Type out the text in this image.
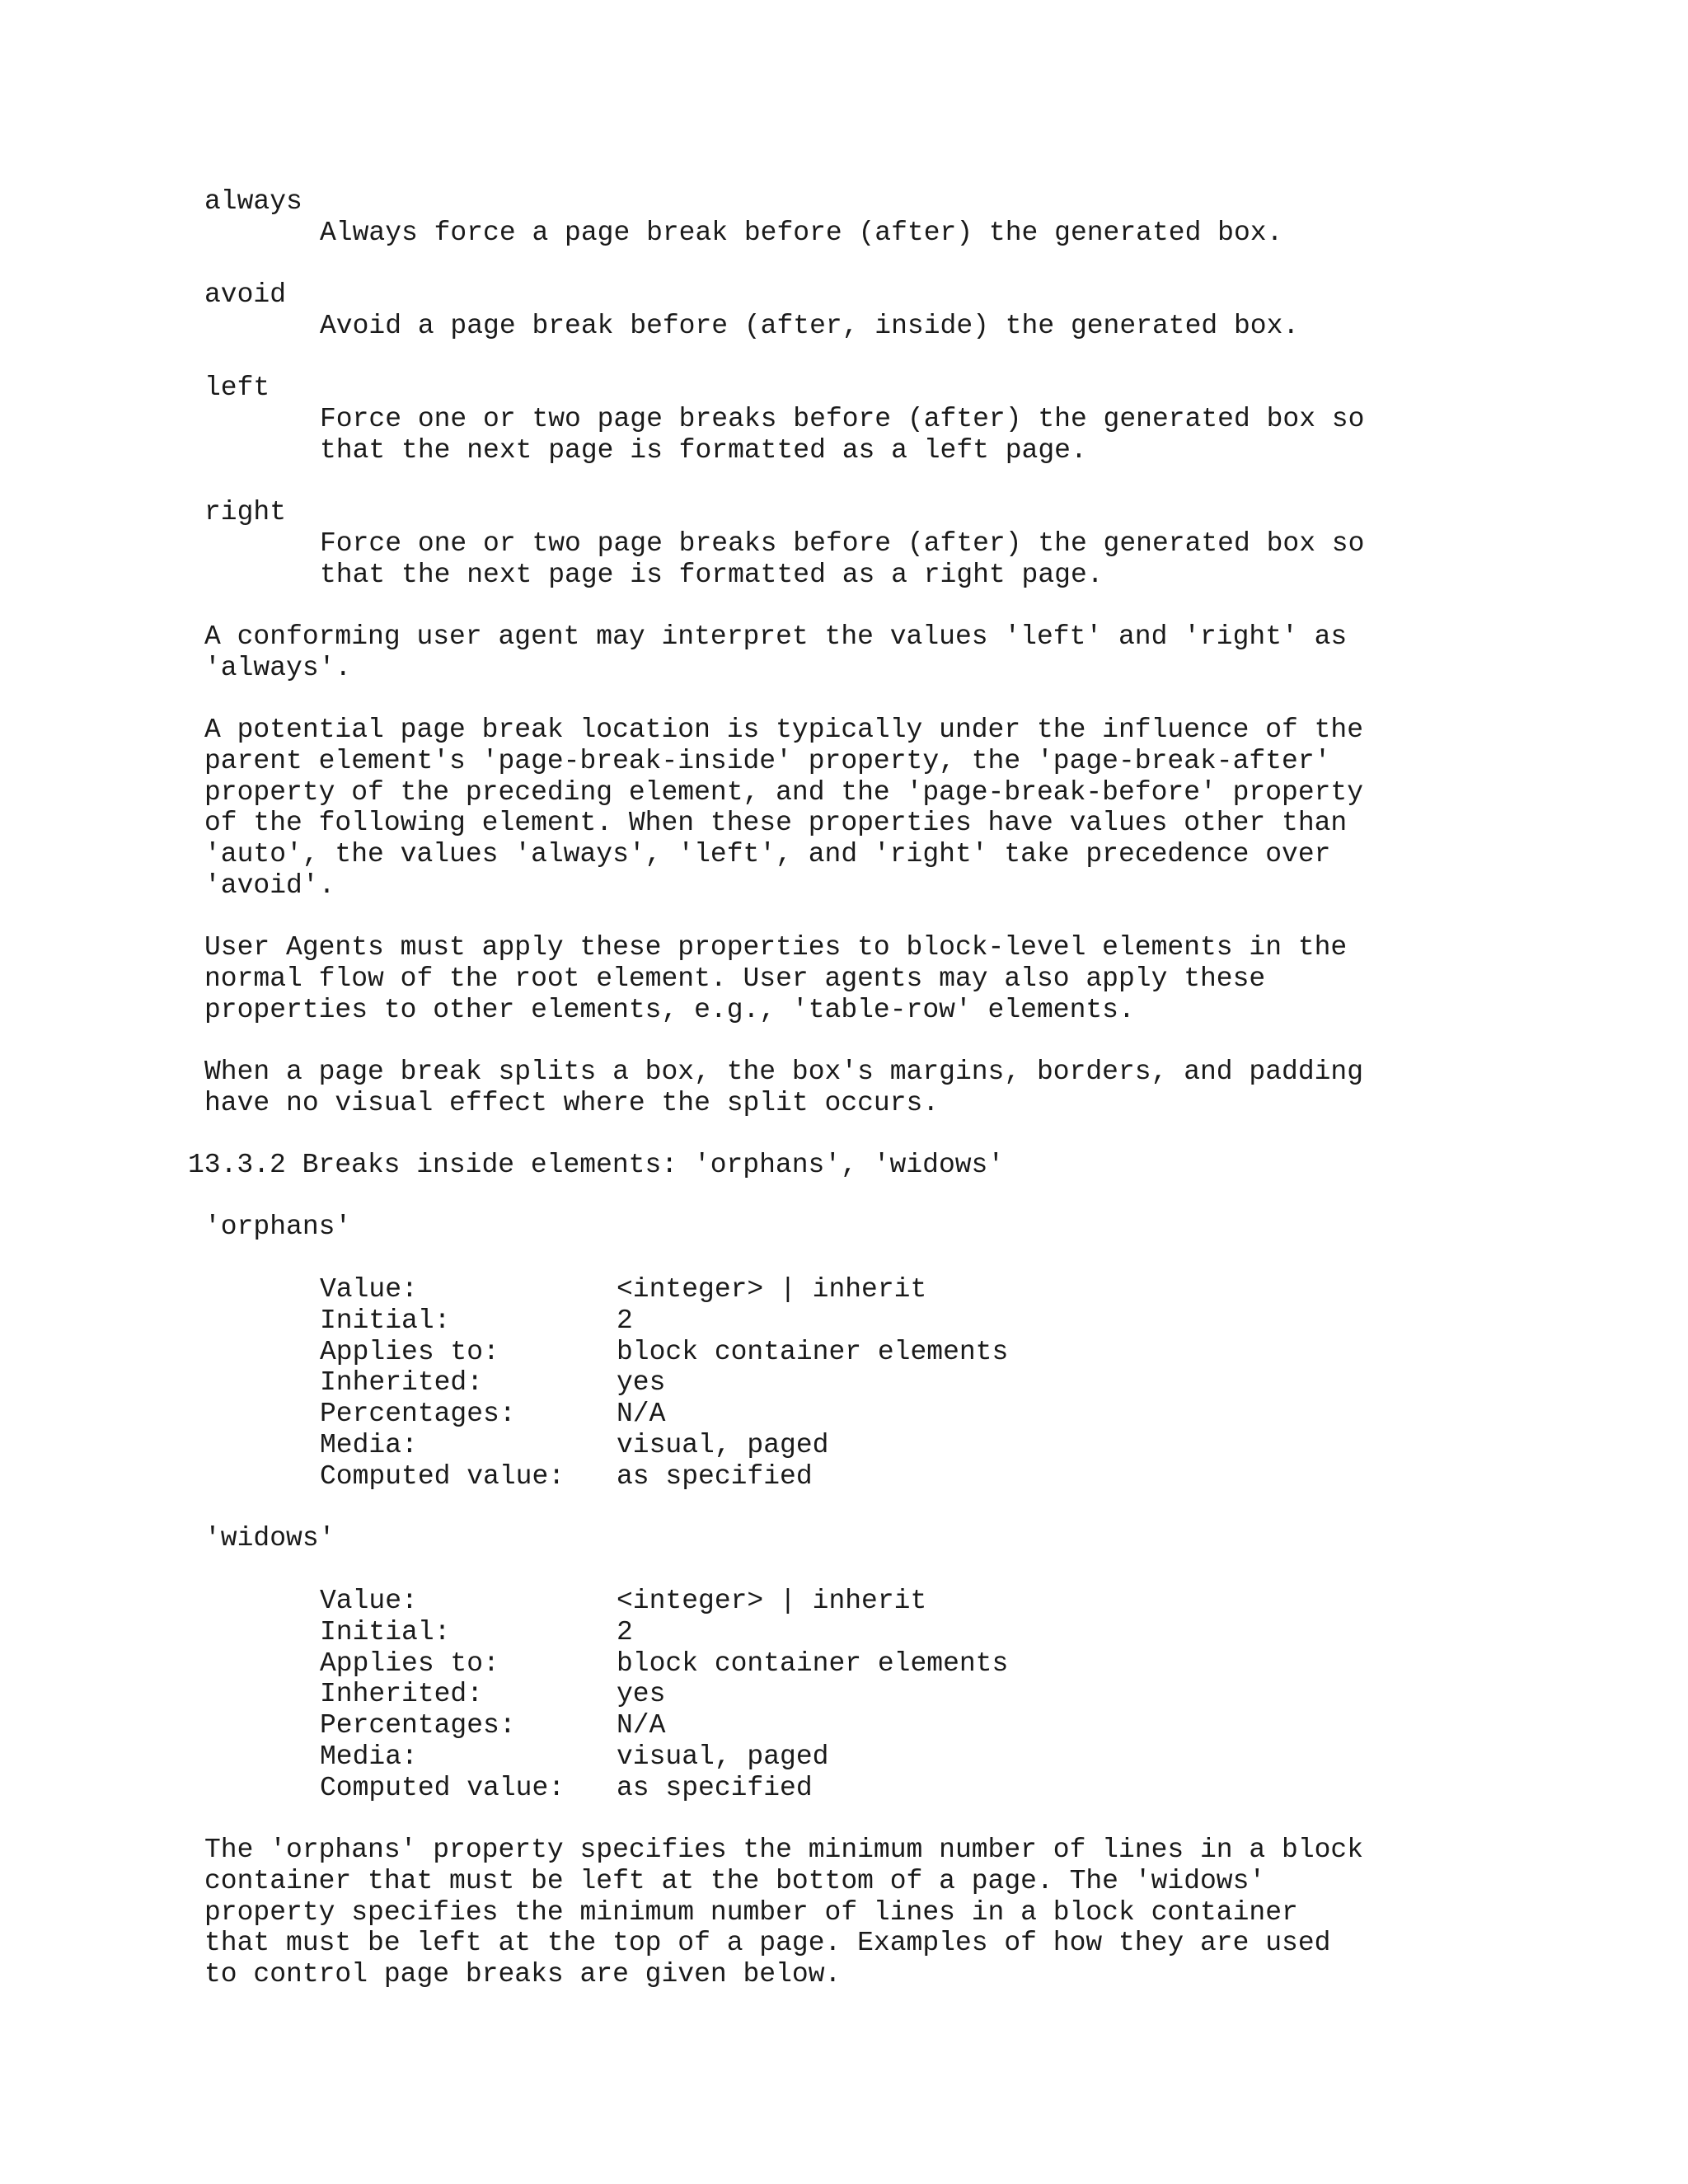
always
Always force a page break before (after) the generated box.
avoid
Avoid a page break before (after, inside) the generated box.
left
Force one or two page breaks before (after) the generated box so
that the next page is formatted as a left page.
right
Force one or two page breaks before (after) the generated box so
that the next page is formatted as a right page.
A conforming user agent may interpret the values 'left' and 'right' as
'always'.
A potential page break location is typically under the influence of the
parent element's 'page-break-inside' property, the 'page-break-after'
property of the preceding element, and the 'page-break-before' property
of the following element. When these properties have values other than
'auto', the values 'always', 'left', and 'right' take precedence over
'avoid'.
User Agents must apply these properties to block-level elements in the
normal flow of the root element. User agents may also apply these
properties to other elements, e.g., 'table-row' elements.
When a page break splits a box, the box's margins, borders, and padding
have no visual effect where the split occurs.
13.3.2 Breaks inside elements: 'orphans', 'widows'
'orphans'
Value:	<integer> | inherit
Initial:	2
Applies to:	block container elements
Inherited:	yes
Percentages:	N/A
Media:	visual, paged
Computed value: as specified
'widows'
Value:	<integer> | inherit
Initial:	2
Applies to:	block container elements
Inherited:	yes
Percentages:	N/A
Media:	visual, paged
Computed value: as specified
The 'orphans' property specifies the minimum number of lines in a block
container that must be left at the bottom of a page. The 'widows'
property specifies the minimum number of lines in a block container
that must be left at the top of a page. Examples of how they are used
to control page breaks are given below.
